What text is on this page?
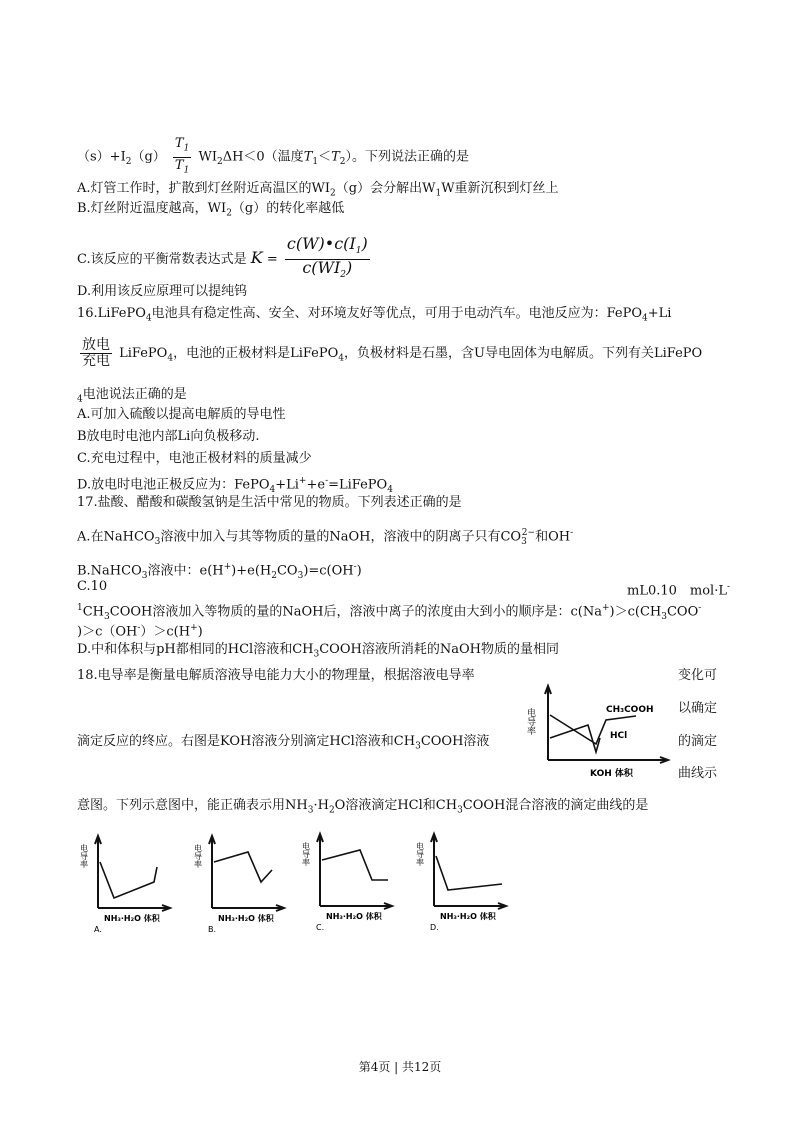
$(s)+I_2(g) \frac{T_1}{T_1} WI_2\Delta H<0$（温度$T_1<T_2$）。下列说法正确的是
A.灯管工作时，扩散到灯丝附近高温区的$WI_2(g)$会分解出$W_1W$重新沉积到灯丝上
B.灯丝附近温度越高，$WI_2(g)$的转化率越低
C.该反应的平衡常数表达式是 $K = \frac{c(W)•c(I_1)}{c(WI_2)}$
D.利用该反应原理可以提纯钨
16.LiFePO$_4$电池具有稳定性高、安全、对环境友好等优点，可用于电动汽车。电池反应为：FePO$_4$+Li
$\frac{\text{放电}}{\text{充电}}$ LiFePO$_4$，电池的正极材料是LiFePO$_4$，负极材料是石墨，含U导电固体为电解质。下列有关LiFePO
$_4$电池说法正确的是
A.可加入硫酸以提高电解质的导电性
B放电时电池内部Li向负极移动.
C.充电过程中，电池正极材料的质量减少
D.放电时电池正极反应为：FePO$_4$+Li++e-=LiFePO$_4$
17.盐酸、醋酸和碳酸氢钠是生活中常见的物质。下列表述正确的是
A.在NaHCO$_3$溶液中加入与其等物质的量的NaOH，溶液中的阴离子只有$CO_3^{2-}$和OH-
B.NaHCO$_3$溶液中：$e(H^+)+e(H_2CO_3)=c(OH^-)$
C.10	mL0.10　mol·L-
$^1CH_3COOH$溶液加入等物质的量的NaOH后，溶液中离子的浓度由大到小的顺序是：$c(Na^+)>c(CH_3COO^-$
)＞c（OH-）＞c(H+)
D.中和体积与pH都相同的HCl溶液和$CH_3COOH$溶液所消耗的NaOH物质的量相同
18.电导率是衡量电解质溶液导电能力大小的物理量，根据溶液电导率	变化可
以确定
滴定反应的终应。右图是KOH溶液分别滴定HCl溶液和$CH_3COOH$溶液	的滴定
曲线示
意图。下列示意图中，能正确表示用$NH_3\cdot H_2O$溶液滴定HCl和$CH_3COOH$混合溶液的滴定曲线的是
电导率	CH₃COOH
HCl
KOH 体积
电导率
NH₃·H₂O 体积
A.
电导率
NH₃·H₂O 体积
B.
电导率
NH₃·H₂O 体积
C.
电导率
NH₃·H₂O 体积
D.
第4页 | 共12页
